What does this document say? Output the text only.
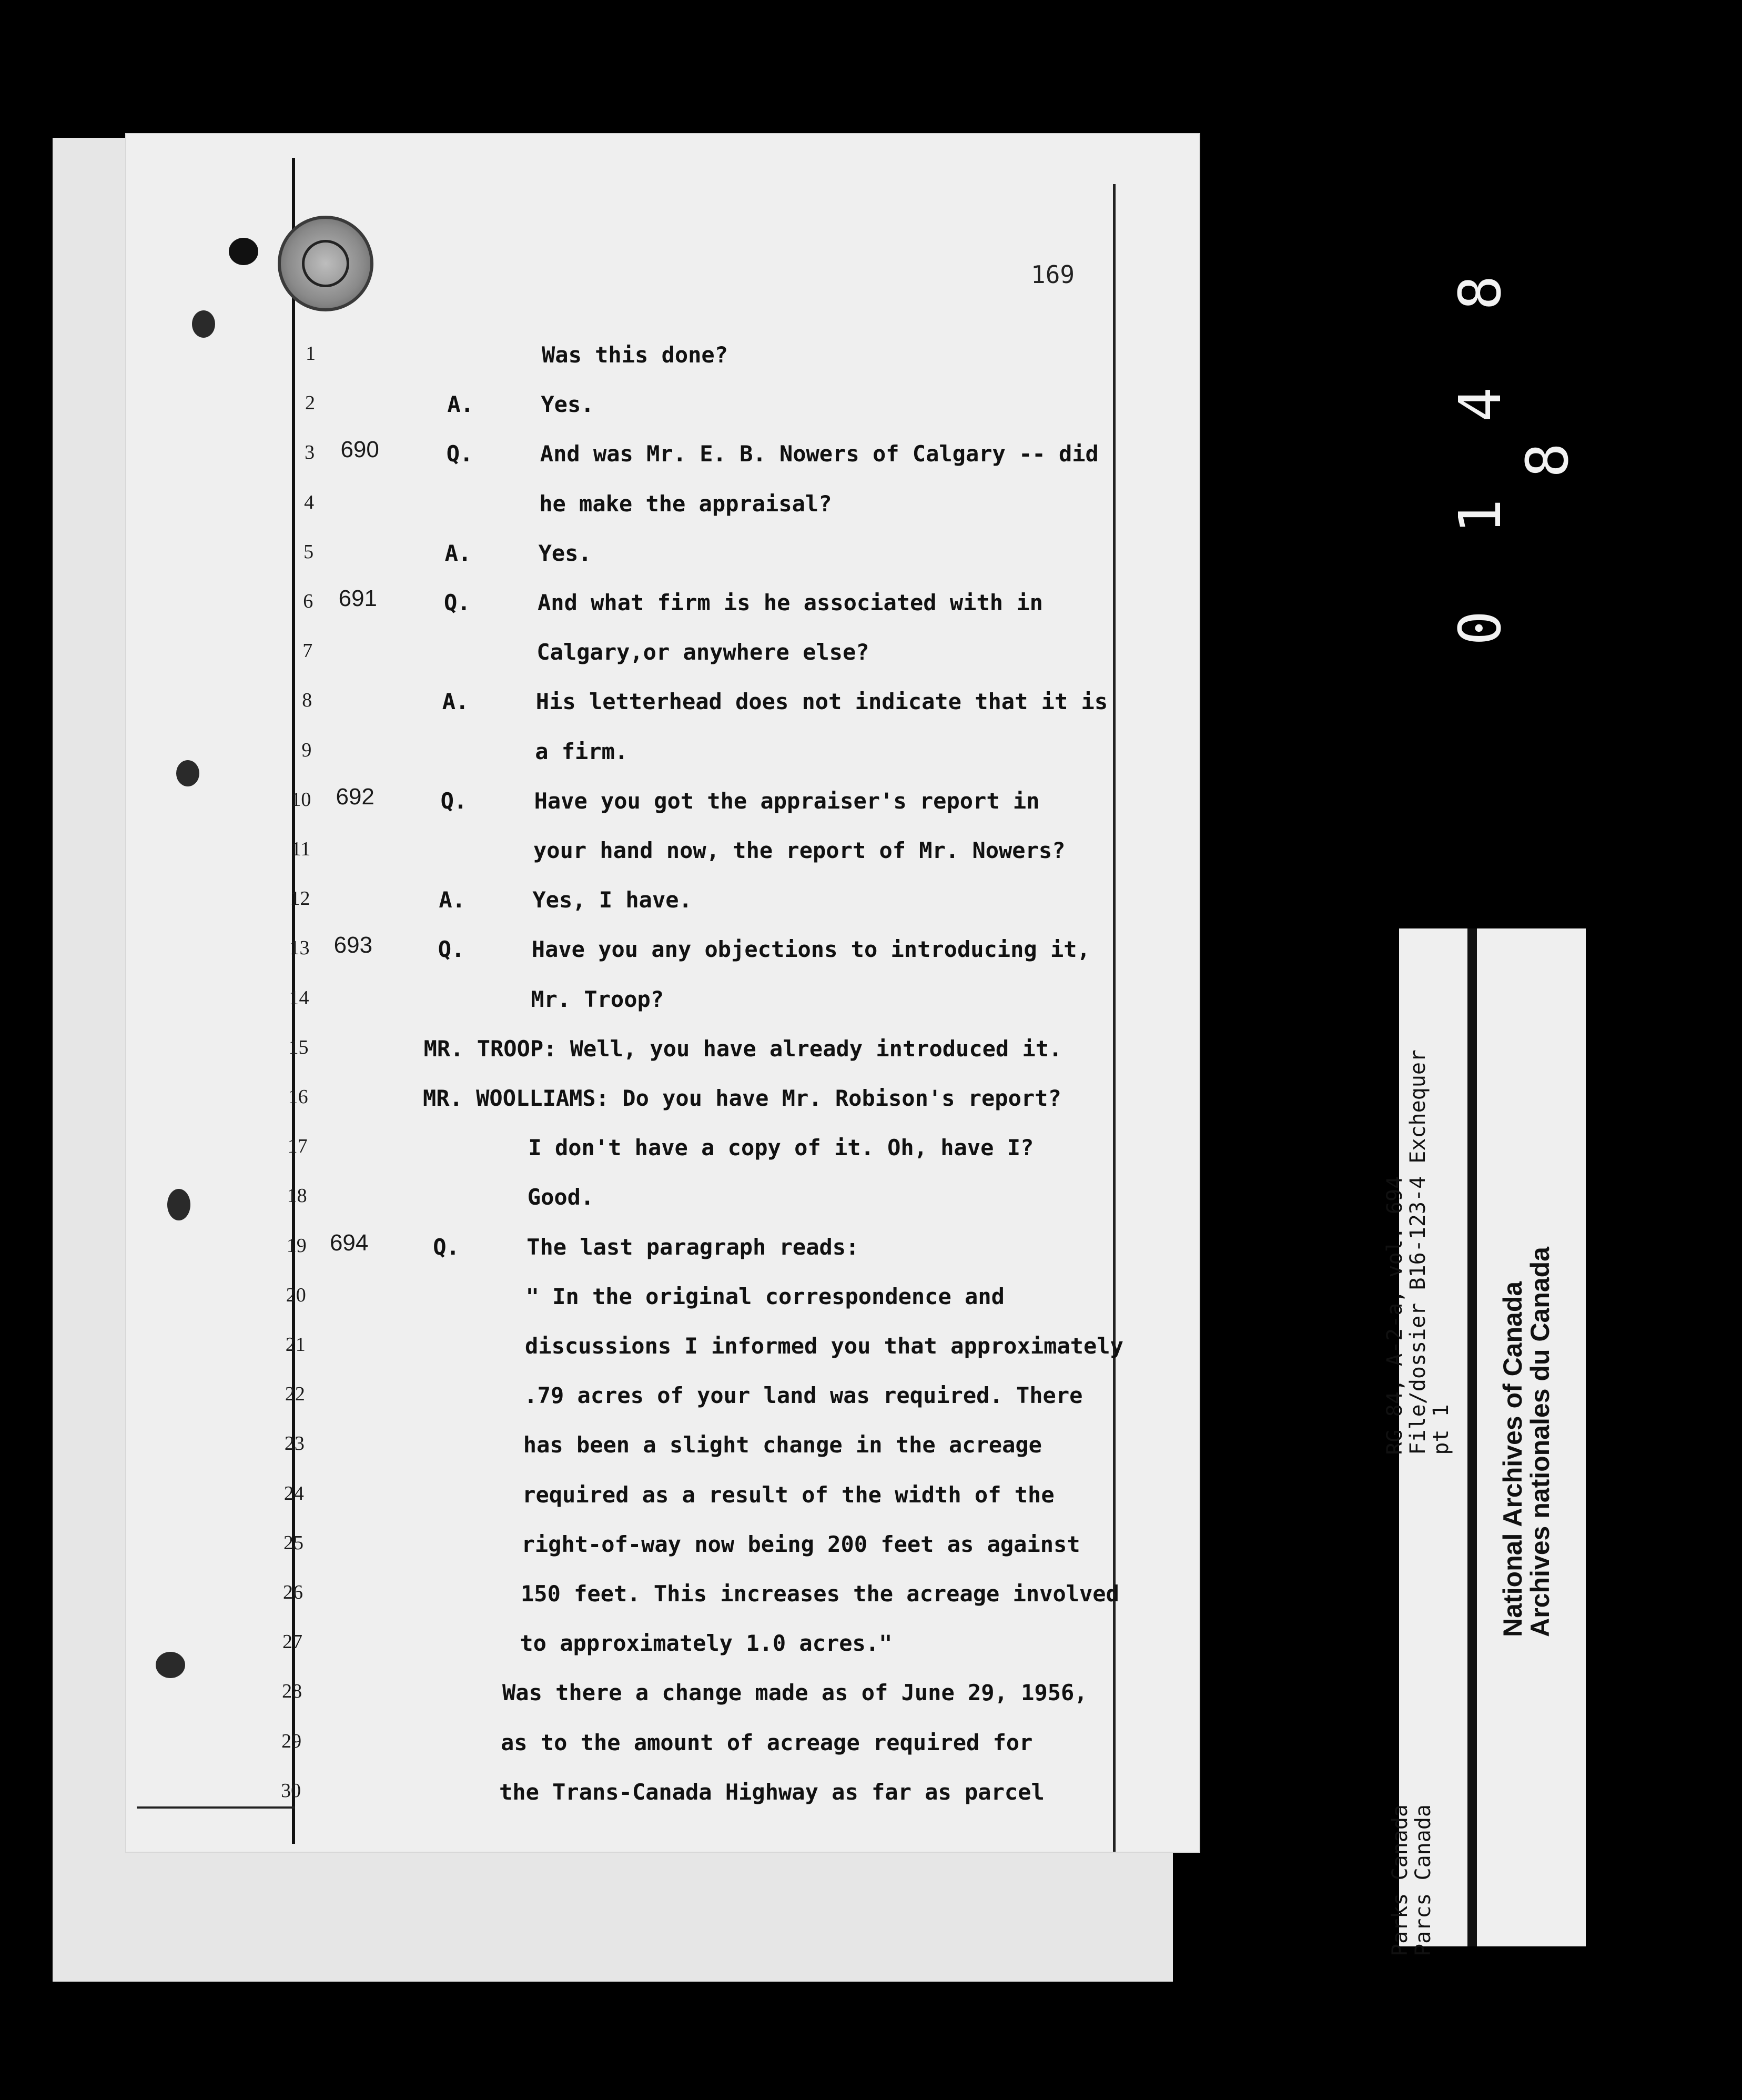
169
1	Was this done?
2	A.	Yes.
3 690	Q.	And was Mr. E. B. Nowers of Calgary -- did
4	he make the appraisal?
5	A.	Yes.
6 691	Q.	And what firm is he associated with in
7	Calgary,or anywhere else?
8	A.	His letterhead does not indicate that it is
9	a firm.
10 692	Q.	Have you got the appraiser's report in
11	your hand now, the report of Mr. Nowers?
12	A.	Yes, I have.
13 693	Q.	Have you any objections to introducing it,
14	Mr. Troop?
15	MR. TROOP: Well, you have already introduced it.
16	MR. WOOLLIAMS: Do you have Mr. Robison's report?
17	I don't have a copy of it. Oh, have I?
18	Good.
19 694	Q.	The last paragraph reads:
20	" In the original correspondence and
21	discussions I informed you that approximately
22	.79 acres of your land was required. There
23	has been a slight change in the acreage
24	required as a result of the width of the
25	right-of-way now being 200 feet as against
26	150 feet. This increases the acreage involved
27	to approximately 1.0 acres."
28	Was there a change made as of June 29, 1956,
29	as to the amount of acreage required for
30	the Trans-Canada Highway as far as parcel
0 1 4 8 8
Parks Canada
Parcs Canada
RG 84, A-2-a, vol. 694
File/dossier B16-123-4 Exchequer
pt 1 National Archives of Canada
Archives nationales du Canada
